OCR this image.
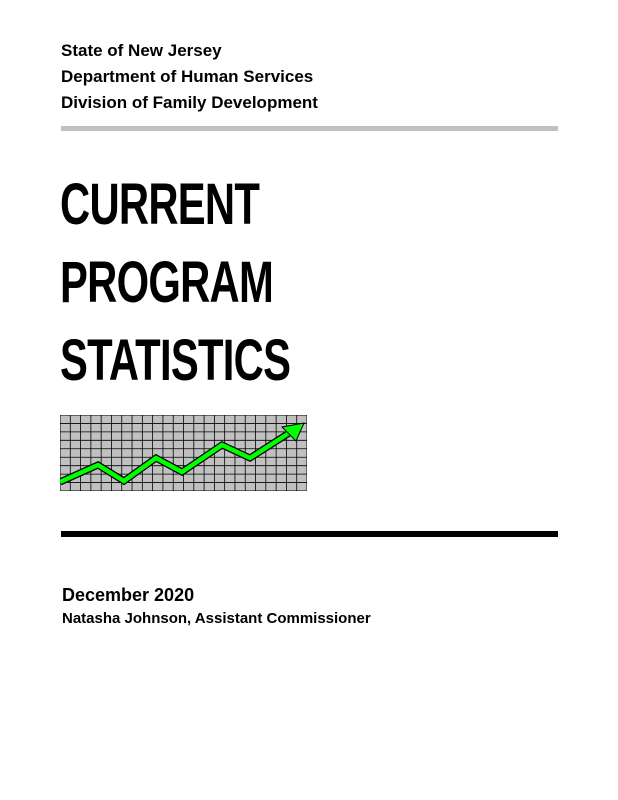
State of New Jersey
Department of Human Services
Division of Family Development
CURRENT
PROGRAM
STATISTICS
December 2020
Natasha Johnson, Assistant Commissioner
